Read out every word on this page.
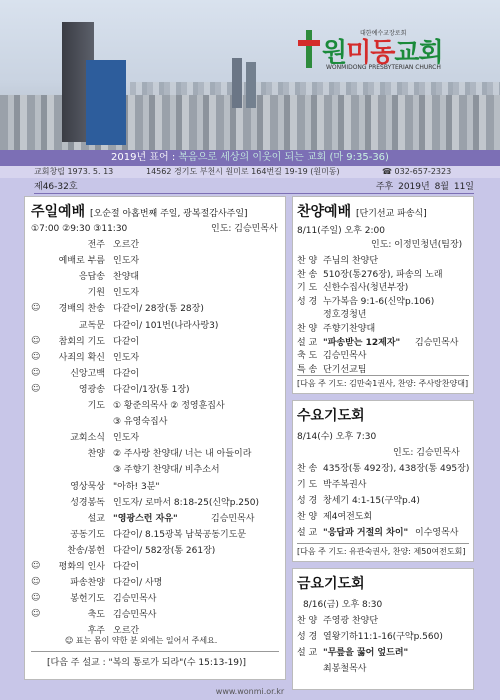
대한예수교장로회
원미동교회
WONMIDONG PRESBYTERIAN CHURCH
2019년 표어 : 복음으로 세상의 이웃이 되는 교회 (마 9:35-36)
교회창립 1973. 5. 13	14562 경기도 부천시 원미로 164번길 19-19 (원미동)	☎ 032-657-2323
제46-32호	주후 2019년 8월 11일
주일예배 [오순절 아홉번째 주일, 광복절감사주일]
①7:00 ②9:30 ③11:30	인도: 김승민목사
전주 오르간
예배로 부름 인도자
응답송 찬양대
기원 인도자
☺ 경배의 찬송 다같이/ 28장(통 28장)
교독문 다같이/ 101번(나라사랑3)
☺ 참회의 기도 다같이
☺ 사죄의 확신 인도자
☺	신앙고백 다같이
☺	영광송 다같이/1장(통 1장)
기도 ① 황준의목사 ② 정영훈집사
③ 유영숙집사
교회소식 인도자
찬양 ② 주사랑 찬양대/ 너는 내 아들이라
③ 주향기 찬양대/ 비추소서
영상묵상 "아하! 3분"
성경봉독 인도자/ 로마서 8:18-25(신약p.250)
설교 "영광스런 자유"	김승민목사
공동기도 다같이/ 8.15광복 남북공동기도문
찬송/봉헌 다같이/ 582장(통 261장)
☺ 평화의 인사 다같이
☺	파송찬양 다같이/ 사명
☺	봉헌기도 김승민목사
☺	축도 김승민목사
후주 오르간
☺ 표는 몸이 약한 분 외에는 일어서 주세요.
[다음 주 설교 : "복의 통로가 되라"(수 15:13-19)]
찬양예배 [단기선교 파송식]
8/11(주일) 오후 2:00
인도: 이정민청년(팀장)
찬 양 주님의 찬양단
찬 송 510장(통276장), 파송의 노래
기 도 신한수집사(청년부장)
성 경 누가복음 9:1-6(신약p.106)
정호경청년
찬 양 주향기찬양대
설 교 "파송받는 12제자" 김승민목사
축 도 김승민목사
특 송 단기선교팀
[다음 주 기도: 김만숙1권사, 찬양: 주사랑찬양대]
수요기도회
8/14(수) 오후 7:30
인도: 김승민목사
찬 송 435장(통 492장), 438장(통 495장)
기 도 박주복권사
성 경 창세기 4:1-15(구약p.4)
찬 양 제4여전도회
설 교 "응답과 거절의 차이" 이수영목사
[다음 주 기도: 유관숙권사, 찬양: 제50여전도회]
금요기도회
8/16(금) 오후 8:30
찬 양 주영광 찬양단
성 경 열왕기하11:1-16(구약p.560)
설 교 "무릎을 꿇어 엎드려"
최봉철목사
www.wonmi.or.kr
